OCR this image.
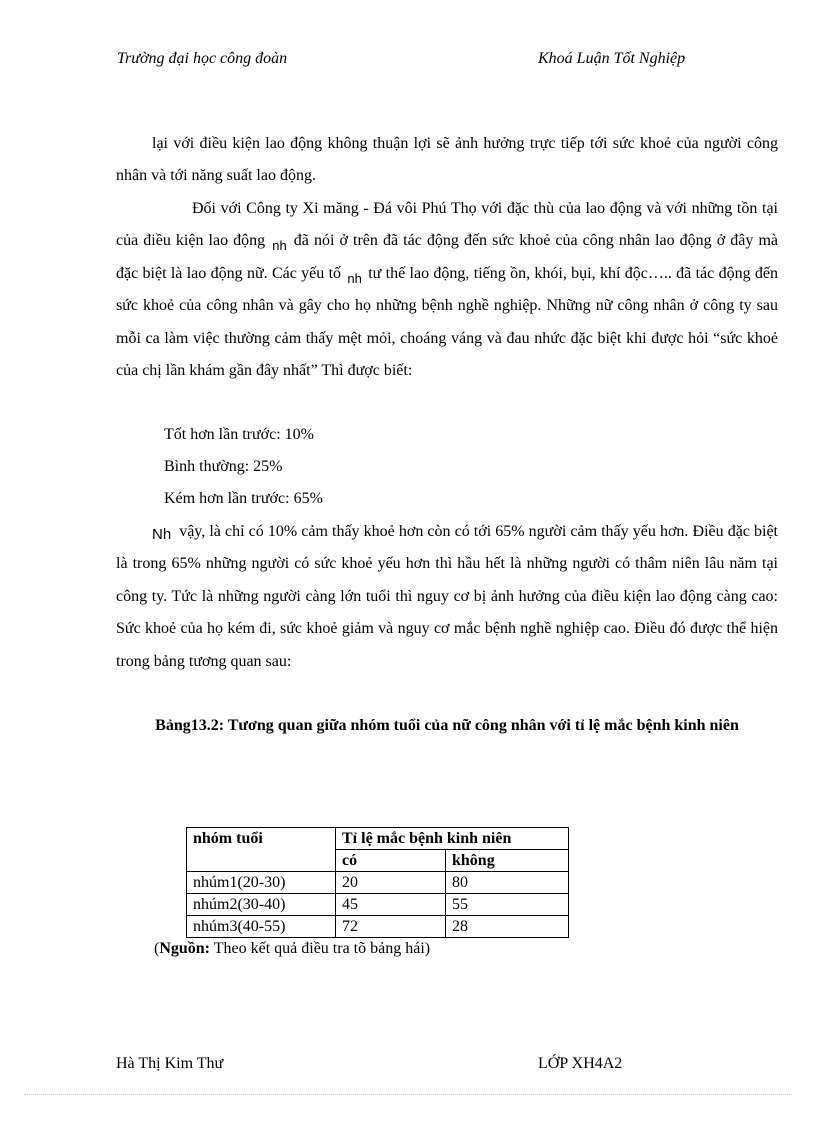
Trường đại học công đoàn	Khoá Luận Tốt Nghiệp

lại với điều kiện lao động không thuận lợi sẽ ảnh hưởng trực tiếp tới sức khoẻ của người công nhân và tới năng suất lao động.

Đối với Công ty Xi măng - Đá vôi Phú Thọ với đặc thù của lao động và với những tồn tại của điều kiện lao động $_{nh}$ đã nói ở trên đã tác động đến sức khoẻ của công nhân lao động ở đây mà đặc biệt là lao động nữ. Các yếu tố $_{nh}$ tư thế lao động, tiếng ồn, khói, bụi, khí độc….. đã tác động đến sức khoẻ của công nhân và gây cho họ những bệnh nghề nghiệp. Những nữ công nhân ở công ty sau mỗi ca làm việc thường cảm thấy mệt mỏi, choáng váng và đau nhức đặc biệt khi được hỏi “sức khoẻ của chị lần khám gần đây nhất” Thì được biết:

Tốt hơn lần trước: 10%
Bình thường: 25%
Kém hơn lần trước: 65%

Nh vậy, là chỉ có 10% cảm thấy khoẻ hơn còn có tới 65% người cảm thấy yếu hơn. Điều đặc biệt là trong 65% những người có sức khoẻ yếu hơn thì hầu hết là những người có thâm niên lâu năm tại công ty. Tức là những người càng lớn tuổi thì nguy cơ bị ảnh hưởng của điều kiện lao động càng cao: Sức khoẻ của họ kém đi, sức khoẻ giảm và nguy cơ mắc bệnh nghề nghiệp cao. Điều đó được thể hiện trong bảng tương quan sau:

Bảng13.2: Tương quan giữa nhóm tuổi của nữ công nhân với tỉ lệ mắc bệnh kinh niên
nhóm tuổi	Tỉ lệ mắc bệnh kinh niên	
	có	không
nhúm1(20-30)	20	80
nhúm2(30-40)	45	55
nhúm3(40-55)	72	28
(Nguồn: Theo kết quả điều tra tõ bảng hái)
Hà Thị Kim Thư	LỚP XH4A2
